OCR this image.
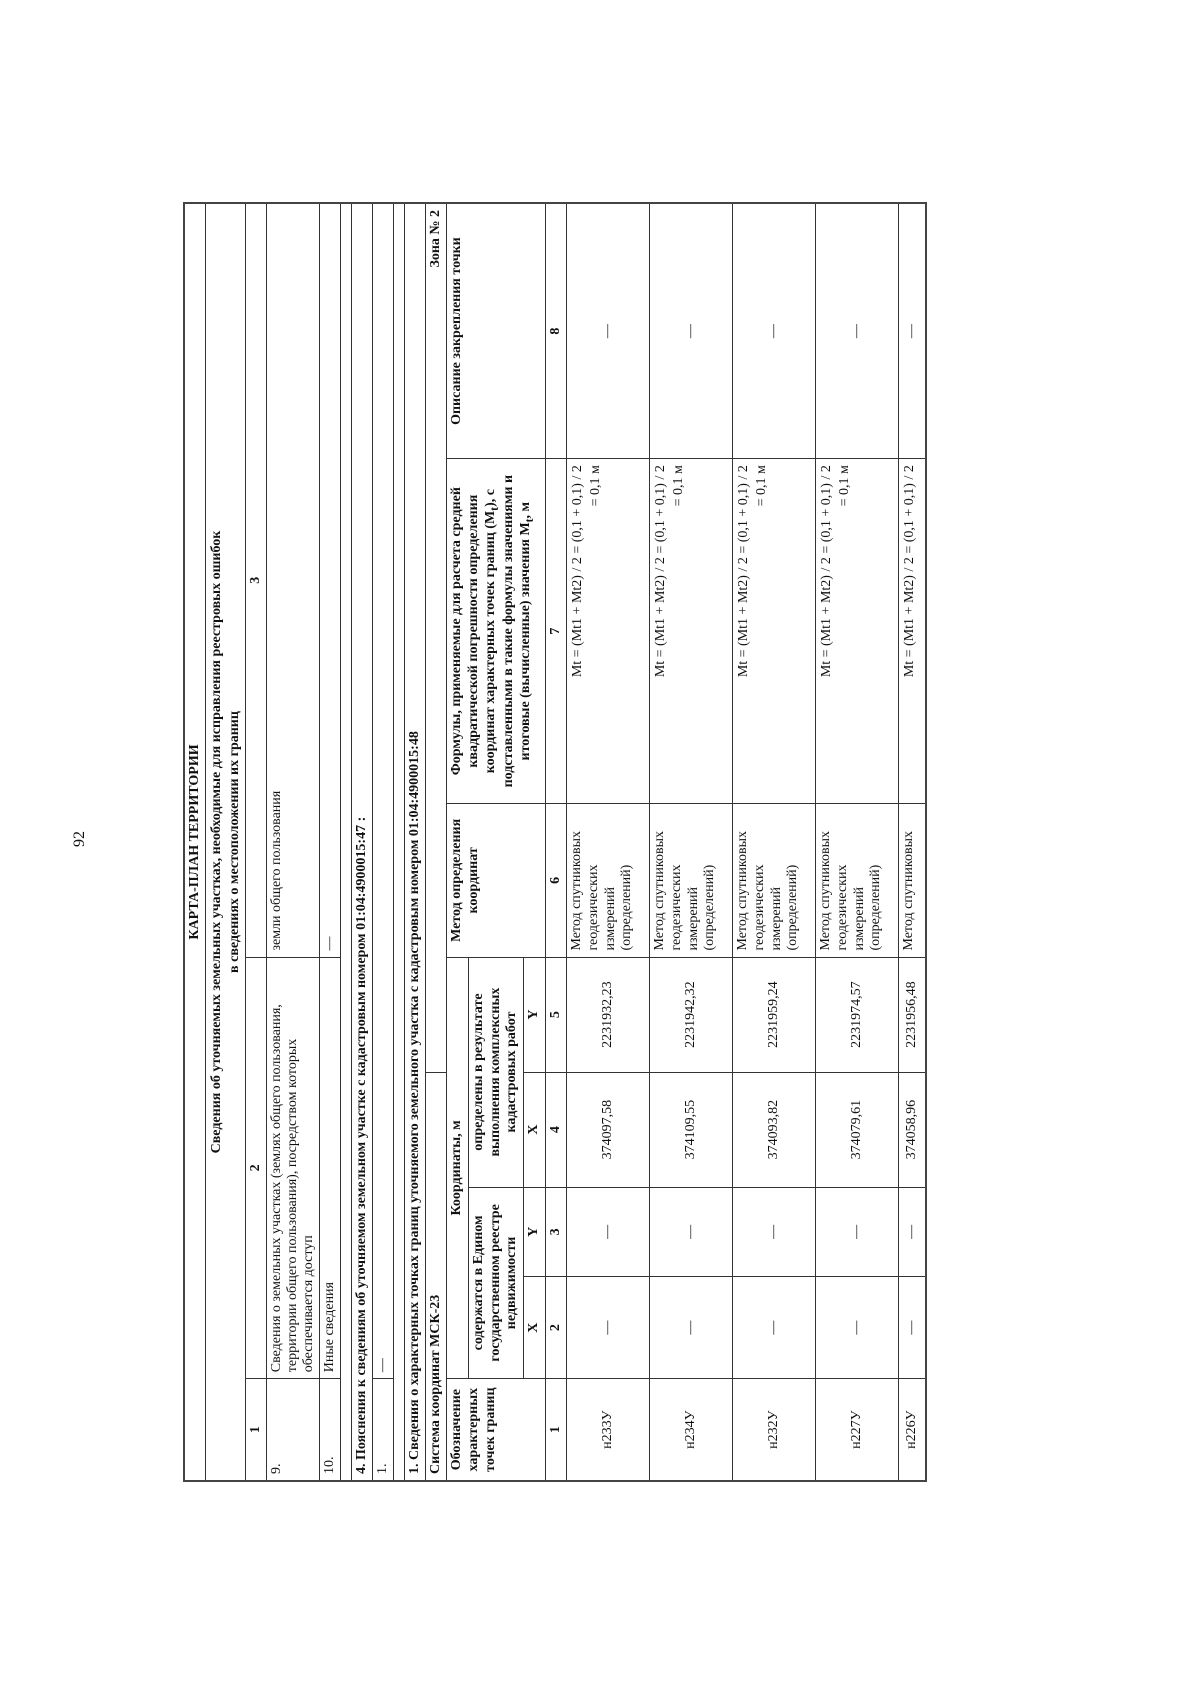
92	КАРТА-ПЛАН ТЕРРИТОРИИ							
Сведения об уточняемых земельных участках, необходимые для исправления реестровых ошибок в сведениях о местоположении их границ							
1	2				3		
9.	Сведения о земельных участках (землях общего пользования, территории общего пользования), посредством которых обеспечивается доступ				земли общего пользования		
10.	Иные сведения				—		

4. Пояснения к сведениям об уточняемом земельном участке с кадастровым номером 01:04:4900015:47 :							
1.	—						

1. Сведения о характерных точках границ уточняемого земельного участка с кадастровым номером 01:04:4900015:48							
Система координат МСК-23				Зона № 2			
Обозначение характерных точек границ	Координаты, м				Метод определения координат	Формулы, применяемые для расчета средней квадратической погрешности определения координат характерных точек границ $(M_t)$, с подставленными в такие формулы значениями и итоговые (вычисленные) значения $M_t$, м	Описание закрепления точки
	содержатся в Едином государственном реестре недвижимости		определены в результате выполнения комплексных кадастровых работ				
	X	Y	X	Y			
1	2	3	4	5	6	7	8
н233У	—	—	374097,58	2231932,23	Метод спутниковых геодезических измерений (определений)	Mt = (Mt1 + Mt2) / 2 = (0,1 + 0,1) / 2 = 0,1 м	—
н234У	—	—	374109,55	2231942,32	Метод спутниковых геодезических измерений (определений)	Mt = (Mt1 + Mt2) / 2 = (0,1 + 0,1) / 2 = 0,1 м	—
н232У	—	—	374093,82	2231959,24	Метод спутниковых геодезических измерений (определений)	Mt = (Mt1 + Mt2) / 2 = (0,1 + 0,1) / 2 = 0,1 м	—
н227У	—	—	374079,61	2231974,57	Метод спутниковых геодезических измерений (определений)	Mt = (Mt1 + Mt2) / 2 = (0,1 + 0,1) / 2 = 0,1 м	—
н226У	—	—	374058,96	2231956,48	Метод спутниковых	Mt = (Mt1 + Mt2) / 2 = (0,1 + 0,1) / 2	—
